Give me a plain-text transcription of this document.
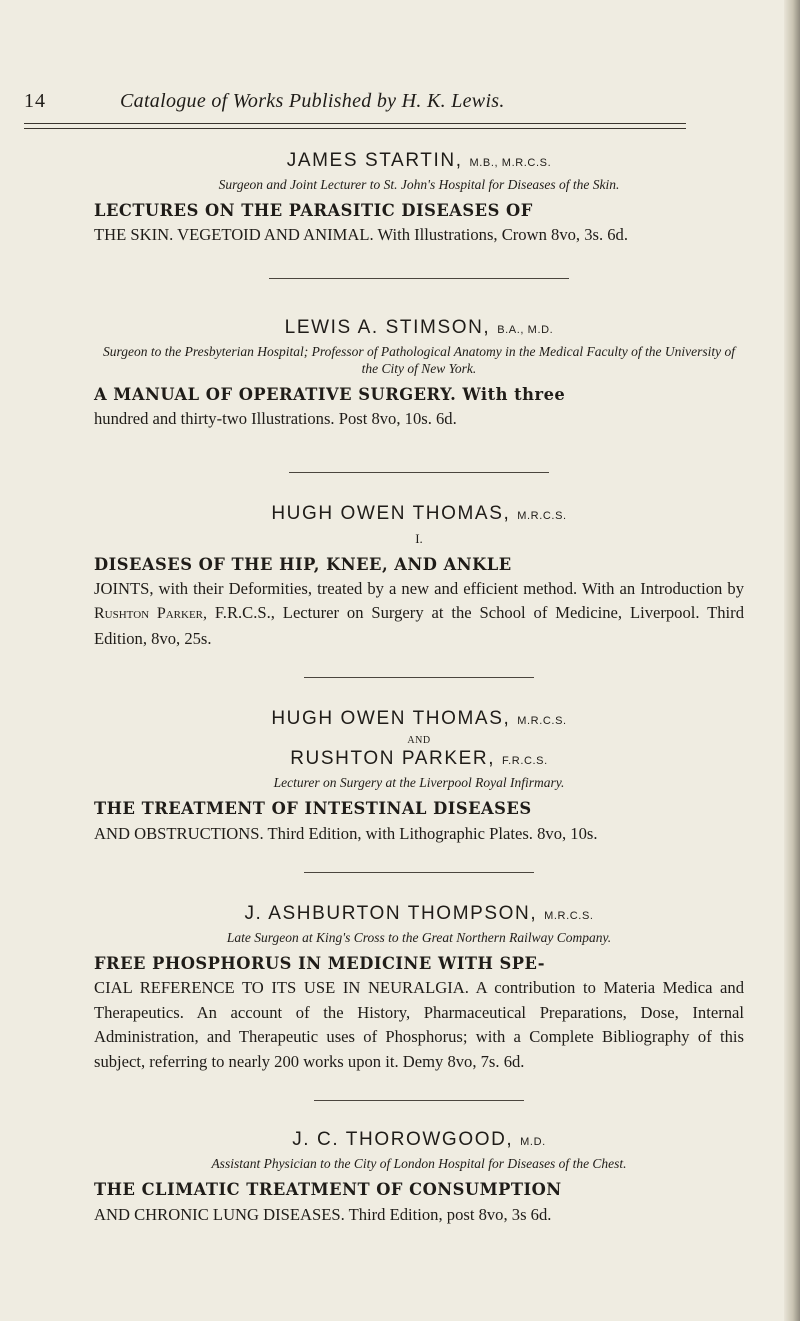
14	Catalogue of Works Published by H. K. Lewis.
JAMES STARTIN, M.B., M.R.C.S.
Surgeon and Joint Lecturer to St. John's Hospital for Diseases of the Skin.

LECTURES ON THE PARASITIC DISEASES OF
THE SKIN. VEGETOID AND ANIMAL. With Illustrations, Crown 8vo, 3s. 6d.

LEWIS A. STIMSON, B.A., M.D.
Surgeon to the Presbyterian Hospital; Professor of Pathological Anatomy in the Medical Faculty of the University of the City of New York.

A MANUAL OF OPERATIVE SURGERY. With three
hundred and thirty-two Illustrations. Post 8vo, 10s. 6d.

HUGH OWEN THOMAS, M.R.C.S.
I.

DISEASES OF THE HIP, KNEE, AND ANKLE
JOINTS, with their Deformities, treated by a new and efficient method. With an Introduction by Rushton Parker, F.R.C.S., Lecturer on Surgery at the School of Medicine, Liverpool. Third Edition, 8vo, 25s.

HUGH OWEN THOMAS, M.R.C.S.
AND
RUSHTON PARKER, F.R.C.S.
Lecturer on Surgery at the Liverpool Royal Infirmary.

THE TREATMENT OF INTESTINAL DISEASES
AND OBSTRUCTIONS. Third Edition, with Lithographic Plates. 8vo, 10s.

J. ASHBURTON THOMPSON, M.R.C.S.
Late Surgeon at King's Cross to the Great Northern Railway Company.

FREE PHOSPHORUS IN MEDICINE WITH SPE-
CIAL REFERENCE TO ITS USE IN NEURALGIA. A contribution to Materia Medica and Therapeutics. An account of the History, Pharmaceutical Preparations, Dose, Internal Administration, and Therapeutic uses of Phosphorus; with a Complete Bibliography of this subject, referring to nearly 200 works upon it. Demy 8vo, 7s. 6d.

J. C. THOROWGOOD, M.D.
Assistant Physician to the City of London Hospital for Diseases of the Chest.

THE CLIMATIC TREATMENT OF CONSUMPTION
AND CHRONIC LUNG DISEASES. Third Edition, post 8vo, 3s 6d.
